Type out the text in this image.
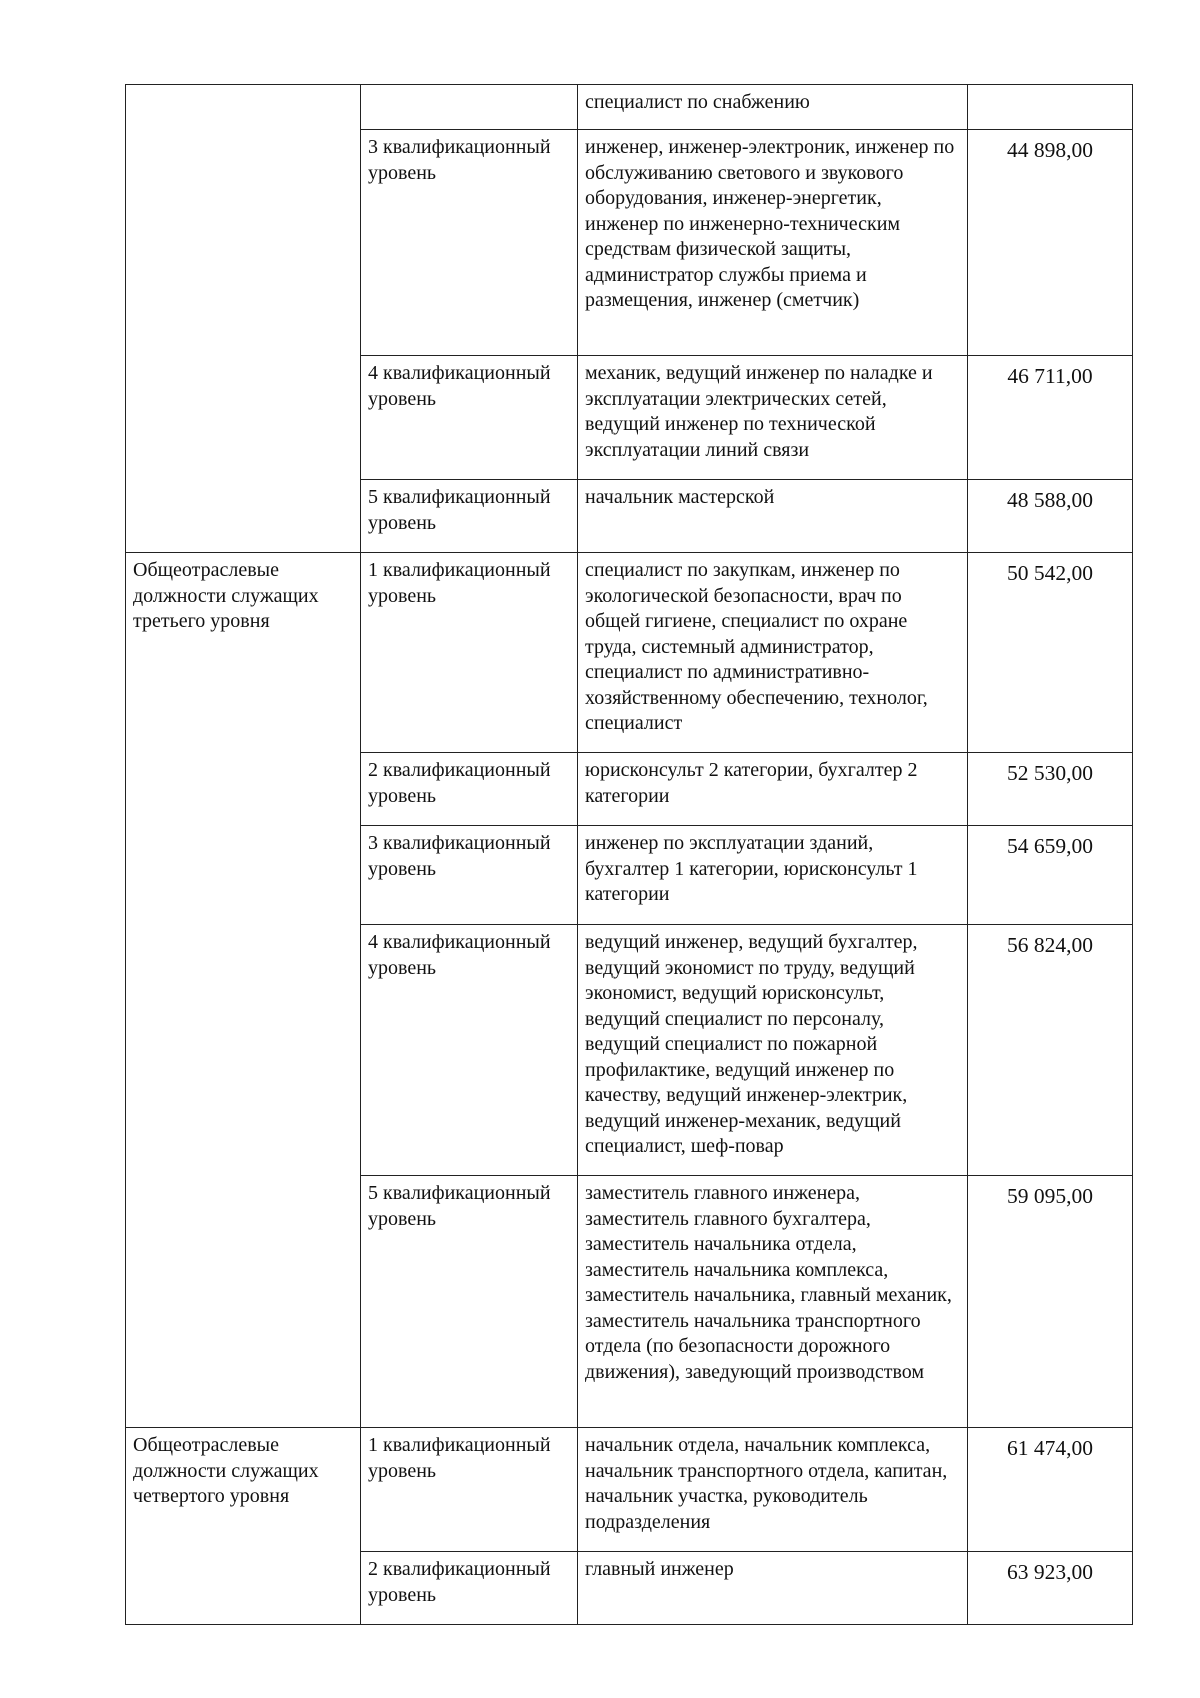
		специалист по снабжению	
	3 квалификационный уровень	инженер, инженер-электроник, инженер по обслуживанию светового и звукового оборудования, инженер-энергетик, инженер по инженерно-техническим средствам физической защиты, администратор службы приема и размещения, инженер (сметчик)	44 898,00
	4 квалификационный уровень	механик, ведущий инженер по наладке и эксплуатации электрических сетей, ведущий инженер по технической эксплуатации линий связи	46 711,00
	5 квалификационный уровень	начальник мастерской	48 588,00
Общеотраслевые должности служащих третьего уровня	1 квалификационный уровень	специалист по закупкам, инженер по экологической безопасности, врач по общей гигиене, специалист по охране труда, системный администратор, специалист по административно-хозяйственному обеспечению, технолог, специалист	50 542,00
	2 квалификационный уровень	юрисконсульт 2 категории, бухгалтер 2 категории	52 530,00
	3 квалификационный уровень	инженер по эксплуатации зданий, бухгалтер 1 категории, юрисконсульт 1 категории	54 659,00
	4 квалификационный уровень	ведущий инженер, ведущий бухгалтер, ведущий экономист по труду, ведущий экономист, ведущий юрисконсульт, ведущий специалист по персоналу, ведущий специалист по пожарной профилактике, ведущий инженер по качеству, ведущий инженер-электрик, ведущий инженер-механик, ведущий специалист, шеф-повар	56 824,00
	5 квалификационный уровень	заместитель главного инженера, заместитель главного бухгалтера, заместитель начальника отдела, заместитель начальника комплекса, заместитель начальника, главный механик, заместитель начальника транспортного отдела (по безопасности дорожного движения), заведующий производством	59 095,00
Общеотраслевые должности служащих четвертого уровня	1 квалификационный уровень	начальник отдела, начальник комплекса, начальник транспортного отдела, капитан, начальник участка, руководитель подразделения	61 474,00
	2 квалификационный уровень	главный инженер	63 923,00
